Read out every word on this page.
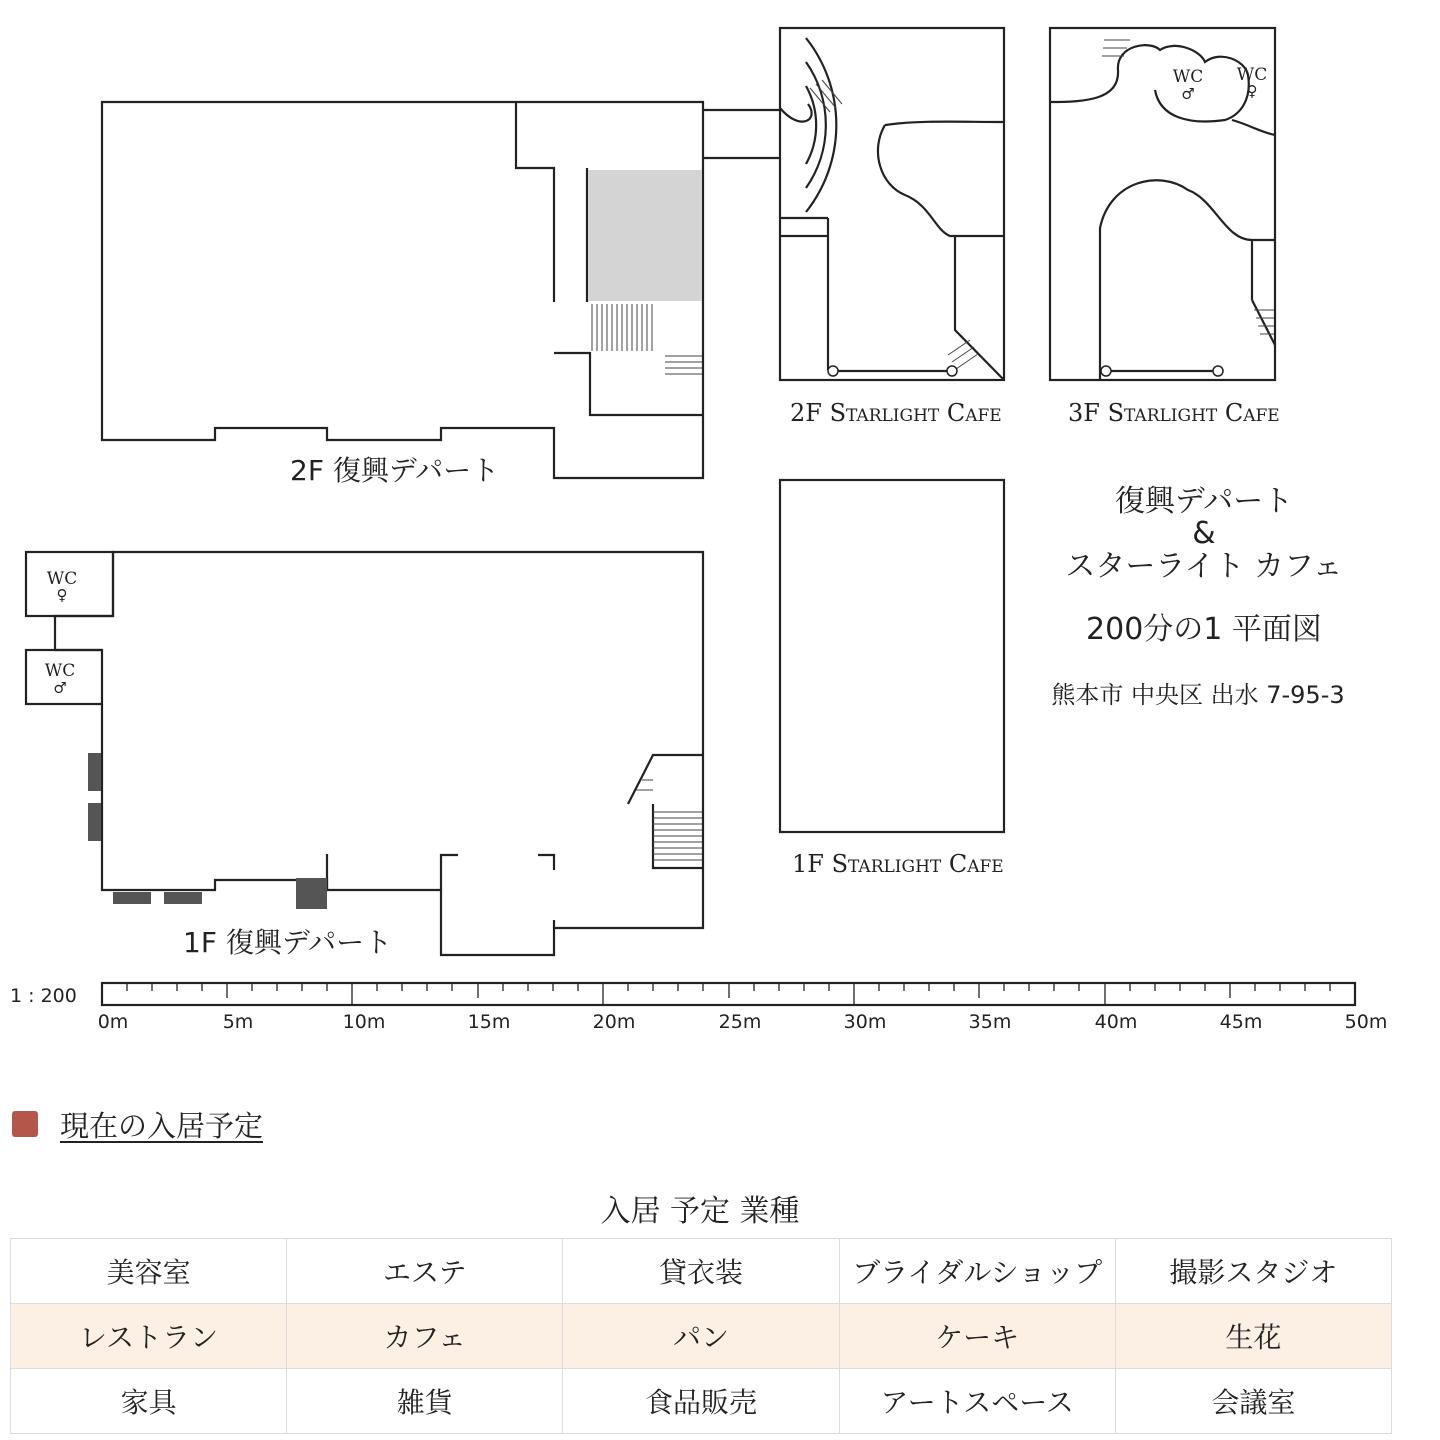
WC
♀
WC
♂
WC
♂
WC
♀
2F 復興デパート
1F 復興デパート
2F Starlight Cafe	3F Starlight Cafe
1F Starlight Cafe
復興デパート
&
スターライト カフェ
200分の1 平面図
熊本市 中央区 出水 7-95-3
1 : 200
0m	5m	10m	15m	20m	25m	30m	35m	40m	45m	50m
現在の入居予定
入居 予定 業種
美容室	エステ	貸衣装	ブライダルショップ	撮影スタジオ
レストラン	カフェ	パン	ケーキ	生花
家具	雑貨	食品販売	アートスペース	会議室
